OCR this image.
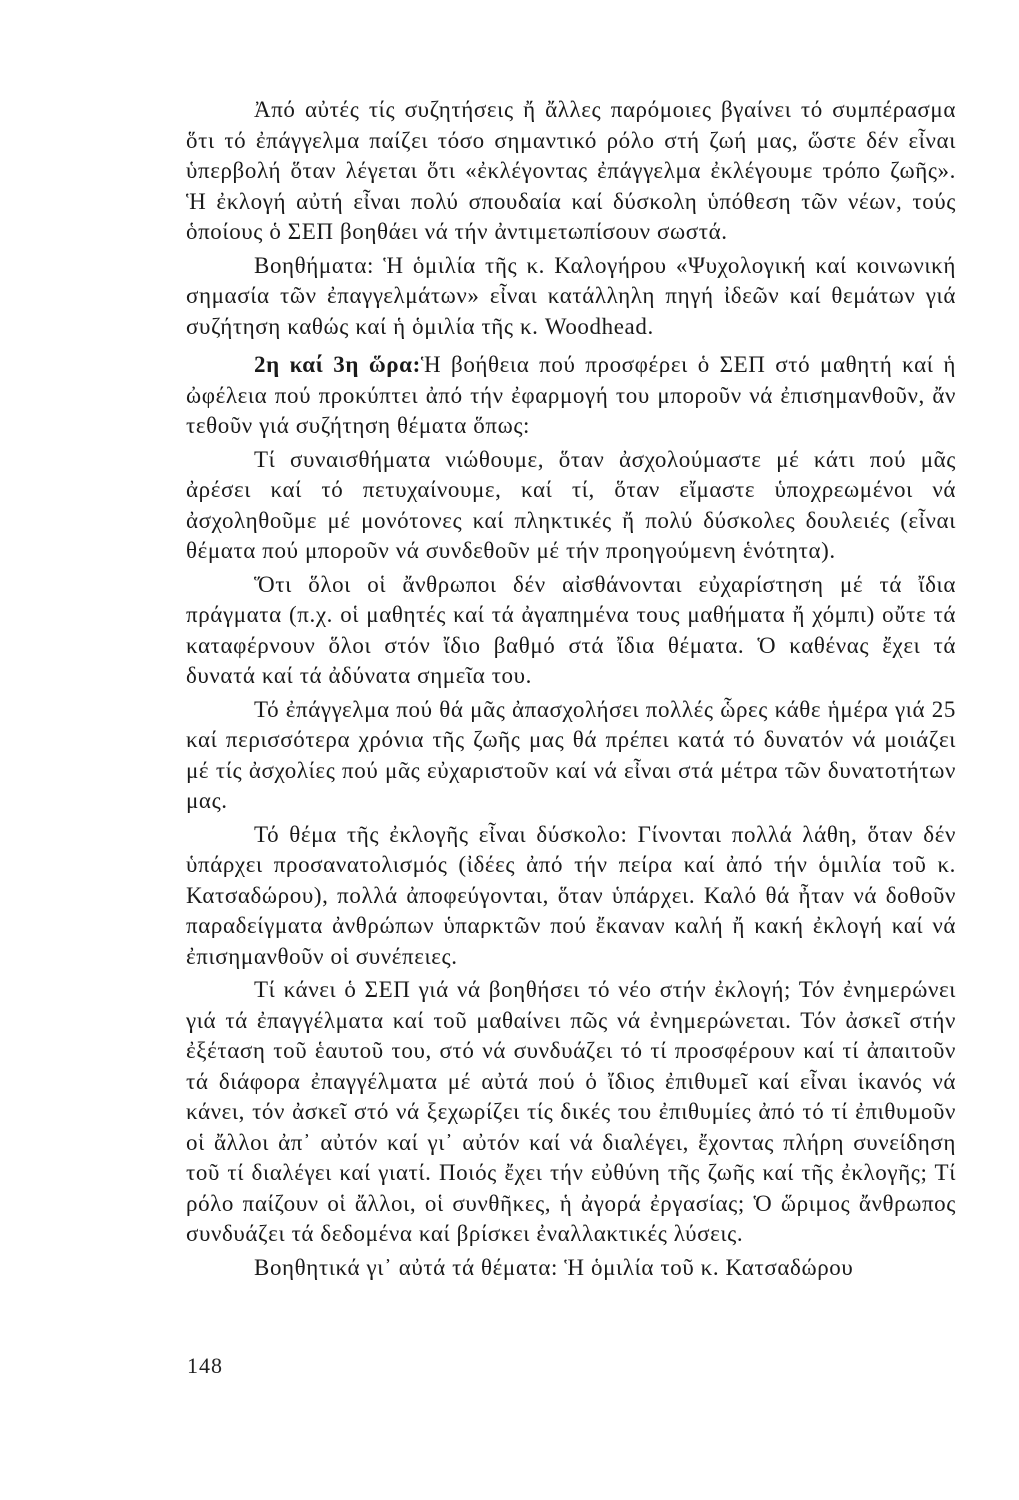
Ἀπό αὐτές τίς συζητήσεις ἤ ἄλλες παρόμοιες βγαίνει τό συμπέρασμα ὅτι τό ἐπάγγελμα παίζει τόσο σημαντικό ρόλο στή ζωή μας, ὥστε δέν εἶναι ὑπερβολή ὅταν λέγεται ὅτι «ἐκλέγοντας ἐπάγγελμα ἐκλέγουμε τρόπο ζωῆς». Ἡ ἐκλογή αὐτή εἶναι πολύ σπουδαία καί δύσκολη ὑπόθεση τῶν νέων, τούς ὁποίους ὁ ΣΕΠ βοηθάει νά τήν ἀντιμετωπίσουν σωστά.

Βοηθήματα: Ἡ ὁμιλία τῆς κ. Καλογήρου «Ψυχολογική καί κοινωνική σημασία τῶν ἐπαγγελμάτων» εἶναι κατάλληλη πηγή ἰδεῶν καί θεμάτων γιά συζήτηση καθώς καί ἡ ὁμιλία τῆς κ. Woodhead.

2η καί 3η ὥρα:Ἡ βοήθεια πού προσφέρει ὁ ΣΕΠ στό μαθητή καί ἡ ὠφέλεια πού προκύπτει ἀπό τήν ἐφαρμογή του μποροῦν νά ἐπισημανθοῦν, ἄν τεθοῦν γιά συζήτηση θέματα ὅπως:

Τί συναισθήματα νιώθουμε, ὅταν ἀσχολούμαστε μέ κάτι πού μᾶς ἀρέσει καί τό πετυχαίνουμε, καί τί, ὅταν εἴμαστε ὑποχρεωμένοι νά ἀσχοληθοῦμε μέ μονότονες καί πληκτικές ἤ πολύ δύσκολες δουλειές (εἶναι θέματα πού μποροῦν νά συνδεθοῦν μέ τήν προηγούμενη ἑνότητα).

Ὅτι ὅλοι οἱ ἄνθρωποι δέν αἰσθάνονται εὐχαρίστηση μέ τά ἴδια πράγματα (π.χ. οἱ μαθητές καί τά ἀγαπημένα τους μαθήματα ἤ χόμπι) οὔτε τά καταφέρνουν ὅλοι στόν ἴδιο βαθμό στά ἴδια θέματα. Ὁ καθένας ἔχει τά δυνατά καί τά ἀδύνατα σημεῖα του.

Τό ἐπάγγελμα πού θά μᾶς ἀπασχολήσει πολλές ὧρες κάθε ἡμέρα γιά 25 καί περισσότερα χρόνια τῆς ζωῆς μας θά πρέπει κατά τό δυνατόν νά μοιάζει μέ τίς ἀσχολίες πού μᾶς εὐχαριστοῦν καί νά εἶναι στά μέτρα τῶν δυνατοτήτων μας.

Τό θέμα τῆς ἐκλογῆς εἶναι δύσκολο: Γίνονται πολλά λάθη, ὅταν δέν ὑπάρχει προσανατολισμός (ἰδέες ἀπό τήν πείρα καί ἀπό τήν ὁμιλία τοῦ κ. Κατσαδώρου), πολλά ἀποφεύγονται, ὅταν ὑπάρχει. Καλό θά ἦταν νά δοθοῦν παραδείγματα ἀνθρώπων ὑπαρκτῶν πού ἔκαναν καλή ἤ κακή ἐκλογή καί νά ἐπισημανθοῦν οἱ συνέπειες.

Τί κάνει ὁ ΣΕΠ γιά νά βοηθήσει τό νέο στήν ἐκλογή; Τόν ἐνημερώνει γιά τά ἐπαγγέλματα καί τοῦ μαθαίνει πῶς νά ἐνημερώνεται. Τόν ἀσκεῖ στήν ἐξέταση τοῦ ἑαυτοῦ του, στό νά συνδυάζει τό τί προσφέρουν καί τί ἀπαιτοῦν τά διάφορα ἐπαγγέλματα μέ αὐτά πού ὁ ἴδιος ἐπιθυμεῖ καί εἶναι ἱκανός νά κάνει, τόν ἀσκεῖ στό νά ξεχωρίζει τίς δικές του ἐπιθυμίες ἀπό τό τί ἐπιθυμοῦν οἱ ἄλλοι ἀπ᾽ αὐτόν καί γι᾽ αὐτόν καί νά διαλέγει, ἔχοντας πλήρη συνείδηση τοῦ τί διαλέγει καί γιατί. Ποιός ἔχει τήν εὐθύνη τῆς ζωῆς καί τῆς ἐκλογῆς; Τί ρόλο παίζουν οἱ ἄλλοι, οἱ συνθῆκες, ἡ ἀγορά ἐργασίας; Ὁ ὥριμος ἄνθρωπος συνδυάζει τά δεδομένα καί βρίσκει ἐναλλακτικές λύσεις.

Βοηθητικά γι᾽ αὐτά τά θέματα: Ἡ ὁμιλία τοῦ κ. Κατσαδώρου

148
